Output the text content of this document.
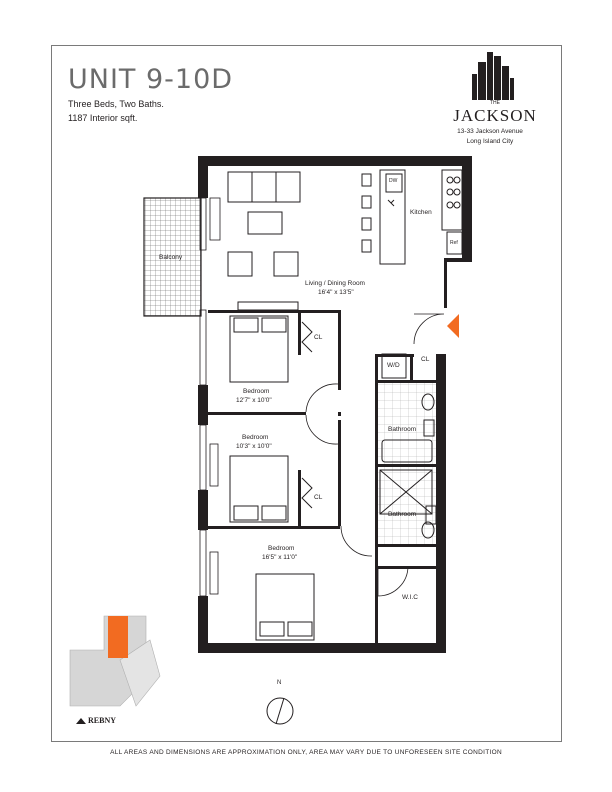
UNIT 9-10D
Three Beds, Two Baths.
1187 Interior sqft.
THE
JACKSON
13-33 Jackson Avenue
Long Island City
Balcony
Kitchen
DW
Ref
Living / Dining Room
16'4" x 13'5"
CL
CL
CL
W/D
Bedroom
12'7" x 10'0"
Bedroom
10'3" x 10'0"
Bedroom
16'5" x 11'0"
Bathroom
Bathroom
W.I.C
N
REBNY
ALL AREAS AND DIMENSIONS ARE APPROXIMATION ONLY, AREA MAY VARY DUE TO UNFORESEEN SITE CONDITION
